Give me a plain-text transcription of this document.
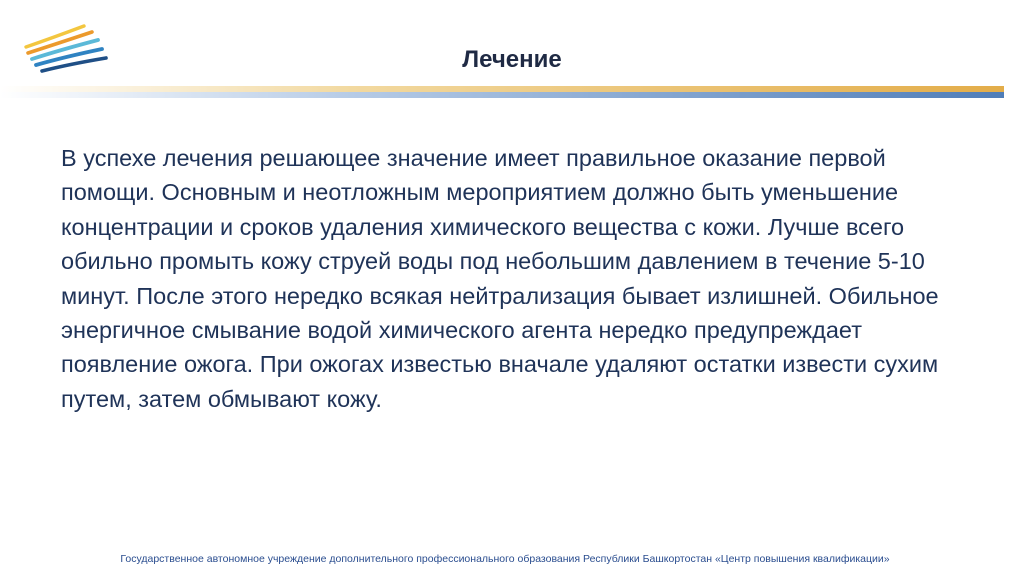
Лечение

В успехе лечения решающее значение имеет правильное оказание первой помощи. Основным и неотложным мероприятием должно быть уменьшение концентрации и сроков удаления химического вещества с кожи. Лучше всего обильно промыть кожу струей воды под небольшим давлением в течение 5-10 минут. После этого нередко всякая нейтрализация бывает излишней. Обильное энергичное смывание водой химического агента нередко предупреждает появление ожога. При ожогах известью вначале удаляют остатки извести сухим путем, затем обмывают кожу.

Государственное автономное учреждение дополнительного профессионального образования Республики Башкортостан «Центр повышения квалификации»
